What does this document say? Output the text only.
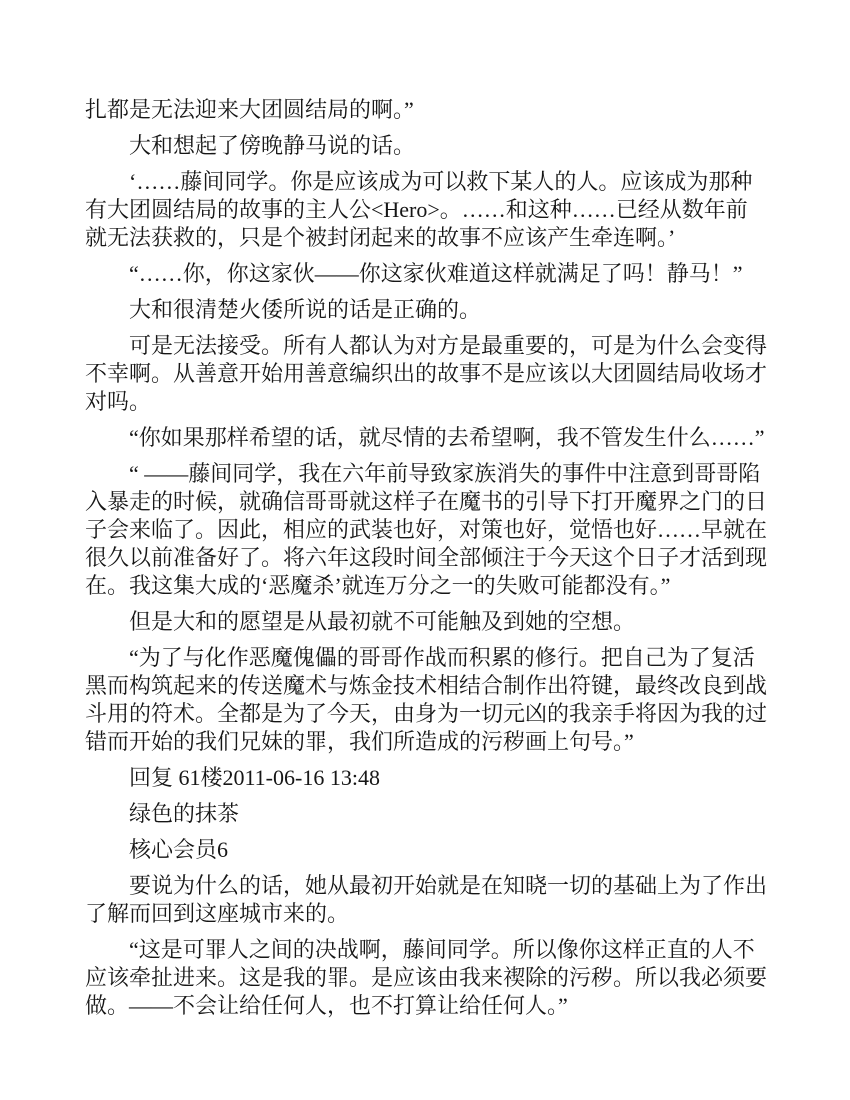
扎都是无法迎来大团圆结局的啊。”

大和想起了傍晚静马说的话。

‘……藤间同学。你是应该成为可以救下某人的人。应该成为那种有大团圆结局的故事的主人公<Hero>。……和这种……已经从数年前就无法获救的，只是个被封闭起来的故事不应该产生牵连啊。’

“……你，你这家伙——你这家伙难道这样就满足了吗！静马！”

大和很清楚火倭所说的话是正确的。

可是无法接受。所有人都认为对方是最重要的，可是为什么会变得不幸啊。从善意开始用善意编织出的故事不是应该以大团圆结局收场才对吗。

“你如果那样希望的话，就尽情的去希望啊，我不管发生什么……”

“ ——藤间同学，我在六年前导致家族消失的事件中注意到哥哥陷入暴走的时候，就确信哥哥就这样子在魔书的引导下打开魔界之门的日子会来临了。因此，相应的武装也好，对策也好，觉悟也好……早就在很久以前准备好了。将六年这段时间全部倾注于今天这个日子才活到现在。我这集大成的‘恶魔杀’就连万分之一的失败可能都没有。”

但是大和的愿望是从最初就不可能触及到她的空想。

“为了与化作恶魔傀儡的哥哥作战而积累的修行。把自己为了复活黑而构筑起来的传送魔术与炼金技术相结合制作出符键，最终改良到战斗用的符术。全都是为了今天，由身为一切元凶的我亲手将因为我的过错而开始的我们兄妹的罪，我们所造成的污秽画上句号。”

回复 61楼2011-06-16 13:48

绿色的抹茶

核心会员6

要说为什么的话，她从最初开始就是在知晓一切的基础上为了作出了解而回到这座城市来的。

“这是可罪人之间的决战啊，藤间同学。所以像你这样正直的人不应该牵扯进来。这是我的罪。是应该由我来禊除的污秽。所以我必须要做。——不会让给任何人，也不打算让给任何人。”
